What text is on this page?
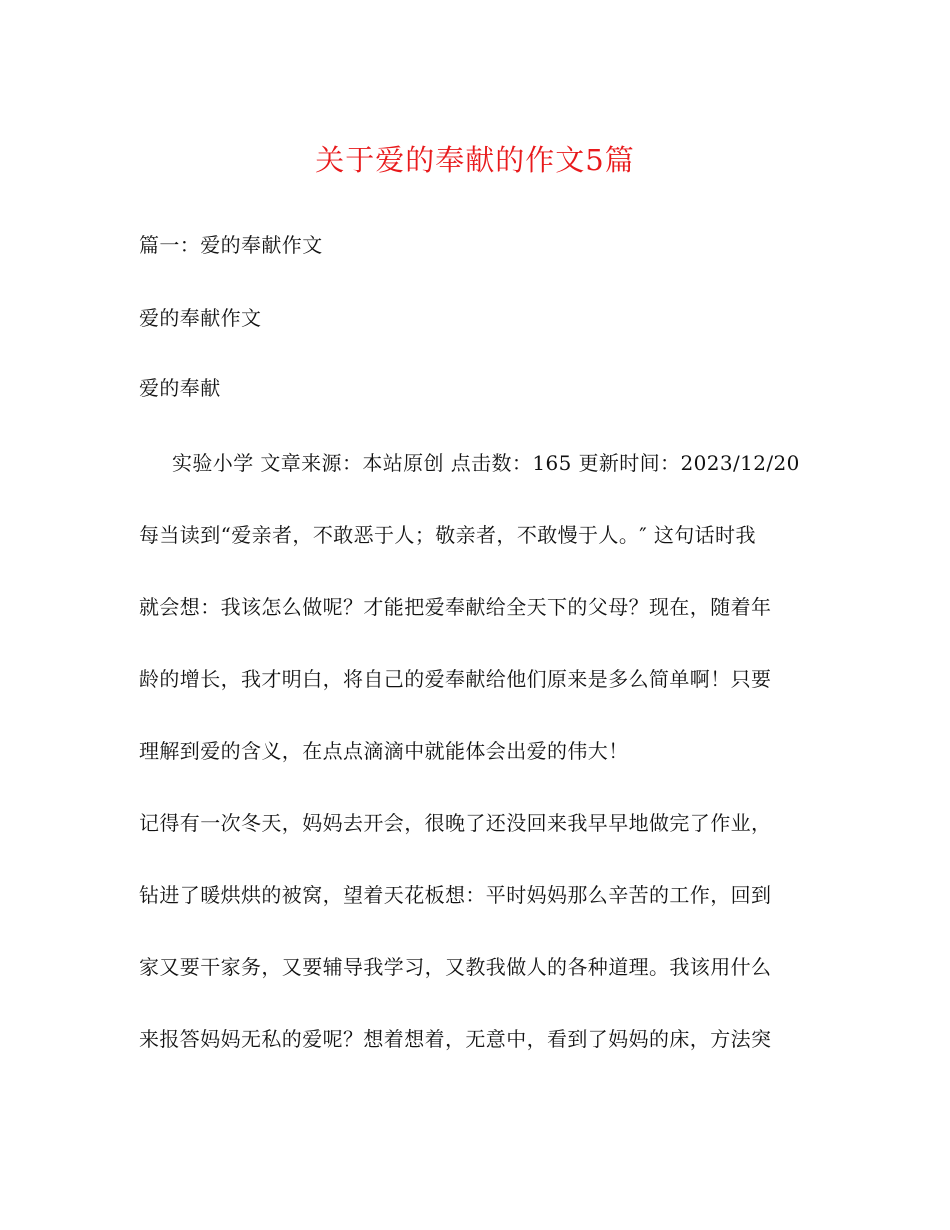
关于爱的奉献的作文5篇
篇一：爱的奉献作文
爱的奉献作文
爱的奉献
实验小学 文章来源：本站原创 点击数：165 更新时间：2023/12/20
每当读到“爱亲者，不敢恶于人；敬亲者，不敢慢于人。″ 这句话时我
就会想：我该怎么做呢？才能把爱奉献给全天下的父母？现在，随着年
龄的增长，我才明白，将自己的爱奉献给他们原来是多么简单啊！只要
理解到爱的含义，在点点滴滴中就能体会出爱的伟大！
记得有一次冬天，妈妈去开会，很晚了还没回来我早早地做完了作业，
钻进了暖烘烘的被窝，望着天花板想：平时妈妈那么辛苦的工作，回到
家又要干家务，又要辅导我学习，又教我做人的各种道理。我该用什么
来报答妈妈无私的爱呢？想着想着，无意中，看到了妈妈的床，方法突
